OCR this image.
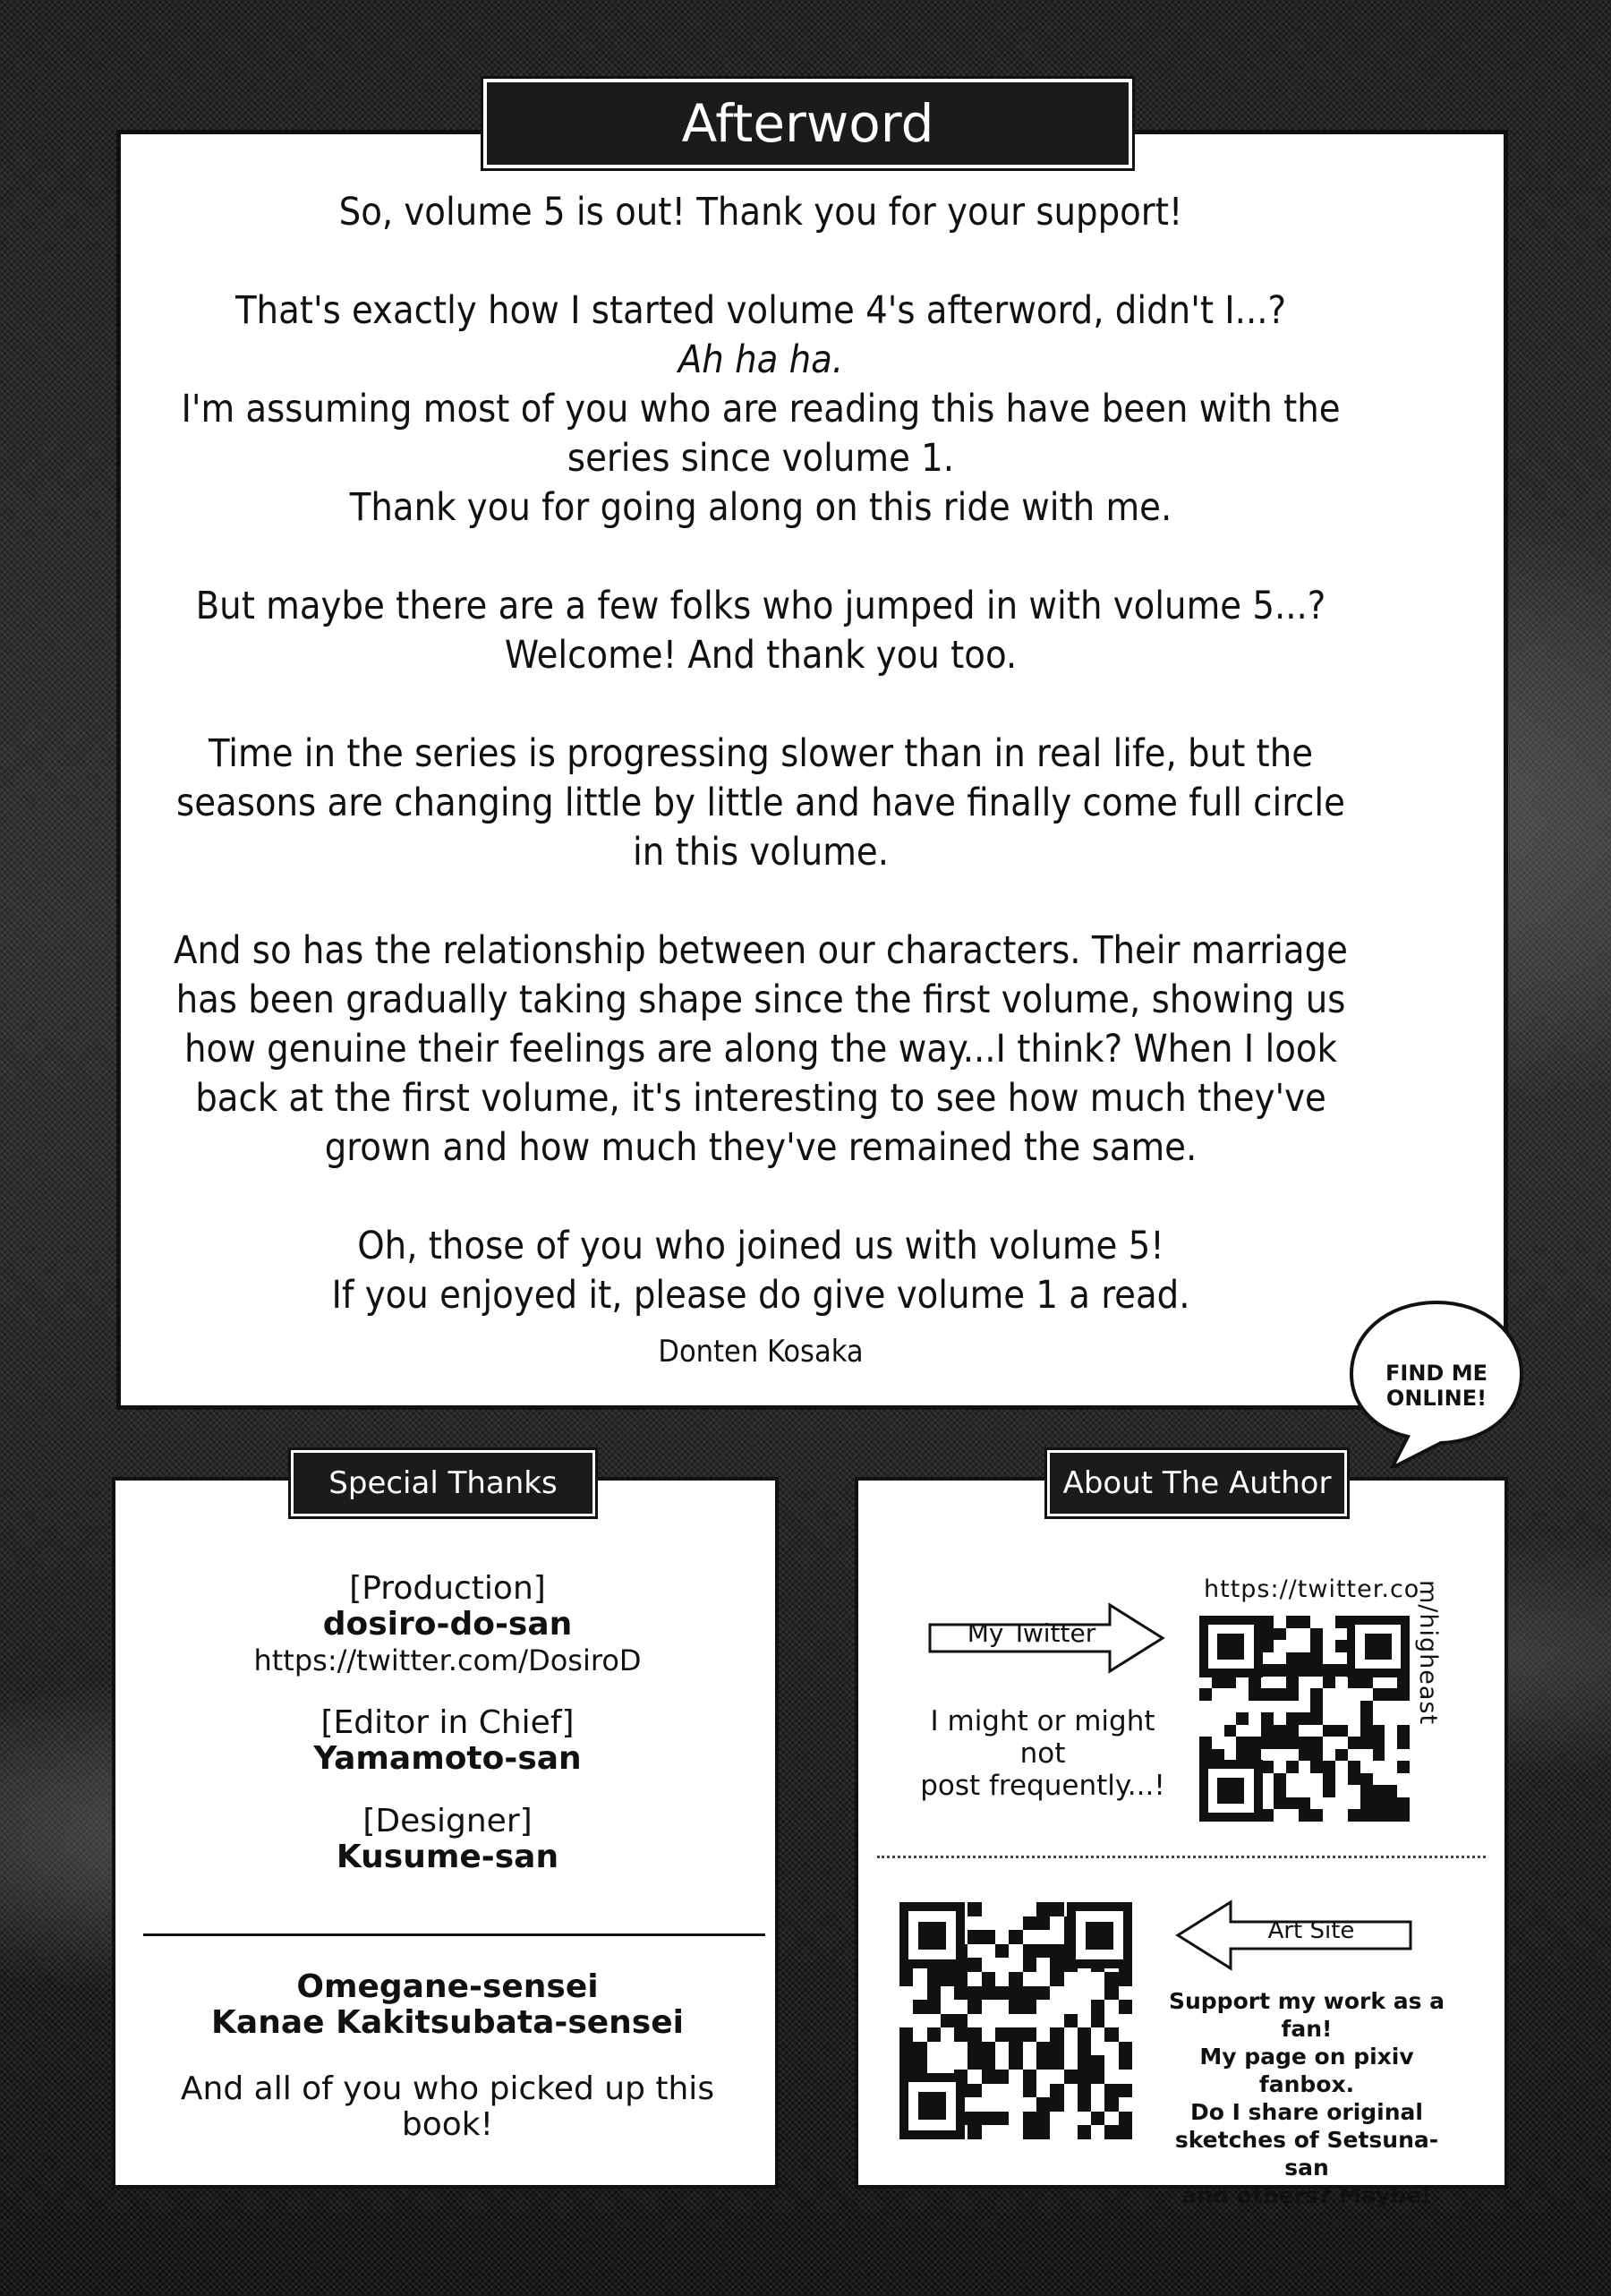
Afterword

So, volume 5 is out! Thank you for your support!

That's exactly how I started volume 4's afterword, didn't I...?

Ah ha ha.

I'm assuming most of you who are reading this have been with the

series since volume 1.

Thank you for going along on this ride with me.

But maybe there are a few folks who jumped in with volume 5...?

Welcome! And thank you too.

Time in the series is progressing slower than in real life, but the

seasons are changing little by little and have finally come full circle

in this volume.

And so has the relationship between our characters. Their marriage

has been gradually taking shape since the first volume, showing us

how genuine their feelings are along the way...I think? When I look

back at the first volume, it's interesting to see how much they've

grown and how much they've remained the same.

Oh, those of you who joined us with volume 5!

If you enjoyed it, please do give volume 1 a read.

Donten Kosaka

FIND ME
ONLINE!
Special Thanks
[Production]
dosiro-do-san
https://twitter.com/DosiroD
[Editor in Chief]
Yamamoto-san
[Designer]
Kusume-san
Omegane-sensei
Kanae Kakitsubata-sensei
And all of you who picked up this book!
About The Author
My Twitter
I might or might not
post frequently...!
https://twitter.co
m/higheast
Art Site
Support my work as a fan!
My page on pixiv fanbox.
Do I share original
sketches of Setsuna-san
and others? Maybe!
